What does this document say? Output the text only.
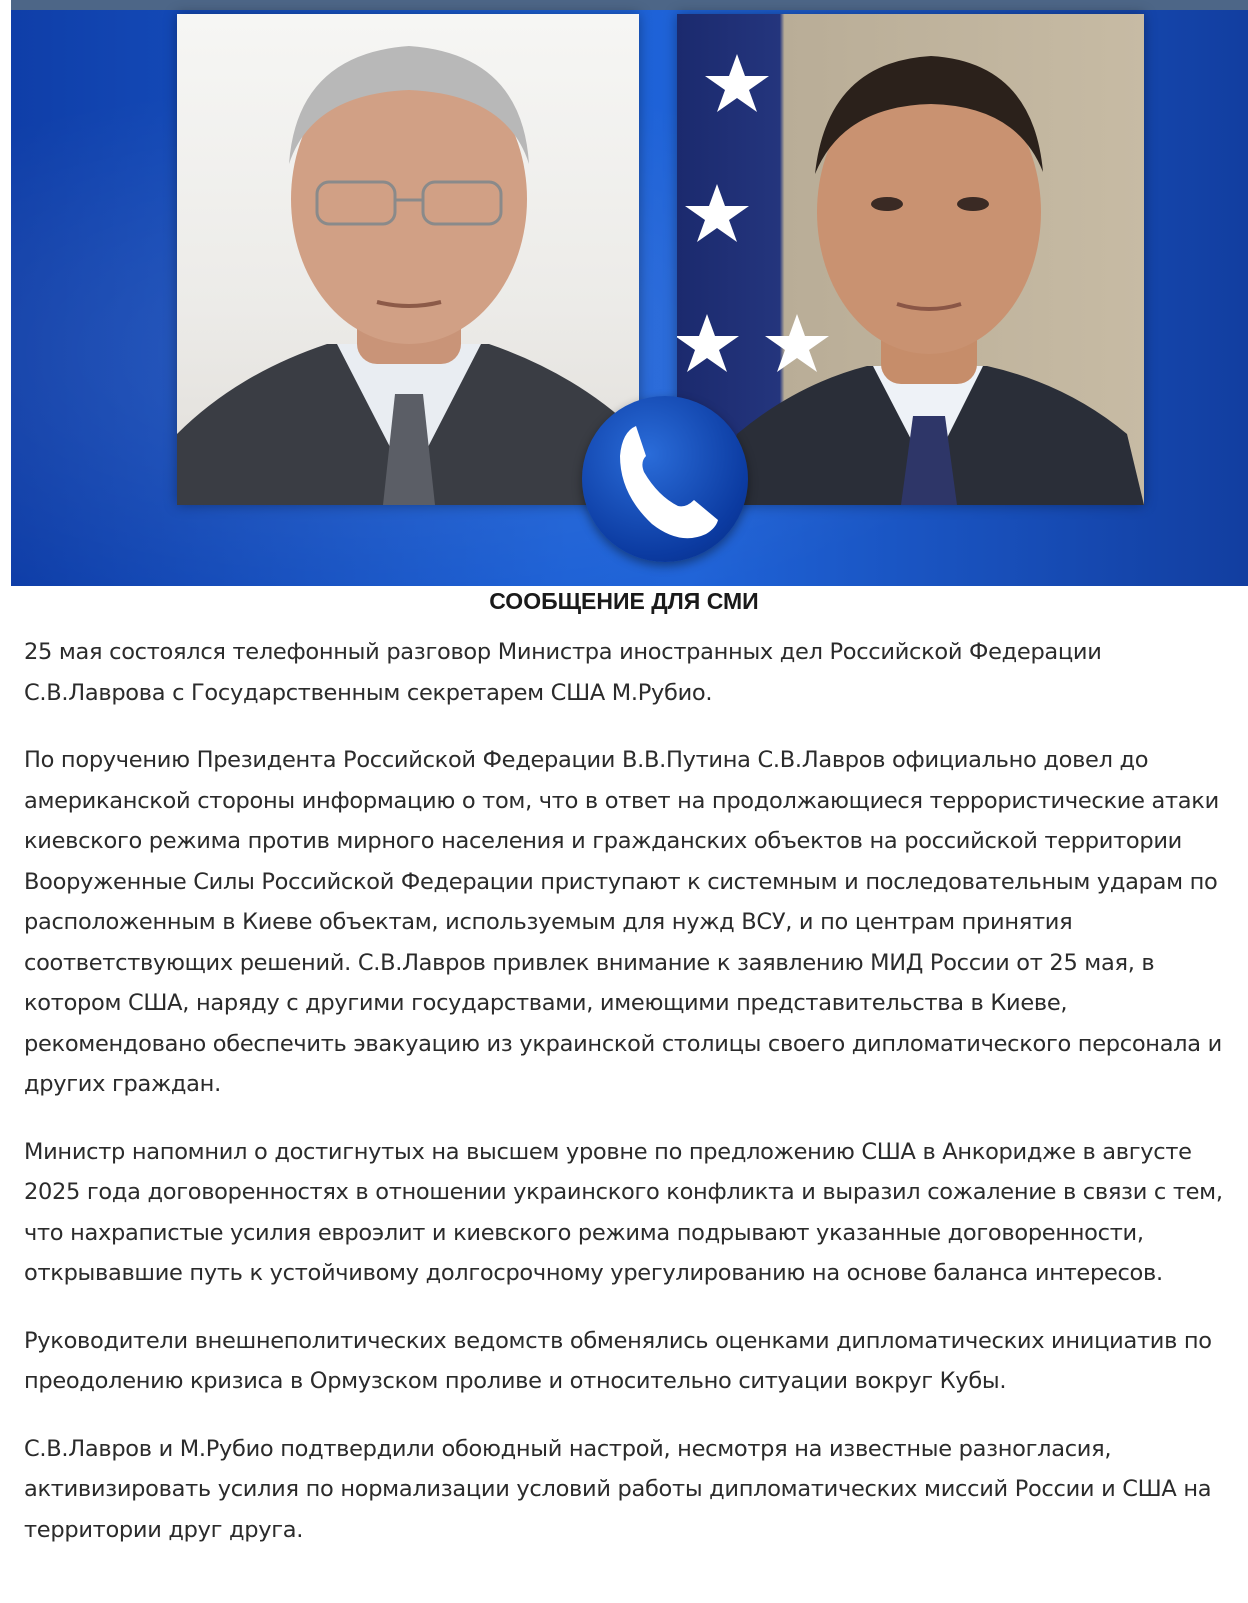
СООБЩЕНИЕ ДЛЯ СМИ

25 мая состоялся телефонный разговор Министра иностранных дел Российской Федерации С.В.Лаврова с Государственным секретарем США М.Рубио.

По поручению Президента Российской Федерации В.В.Путина С.В.Лавров официально довел до американской стороны информацию о том, что в ответ на продолжающиеся террористические атаки киевского режима против мирного населения и гражданских объектов на российской территории Вооруженные Силы Российской Федерации приступают к системным и последовательным ударам по расположенным в Киеве объектам, используемым для нужд ВСУ, и по центрам принятия соответствующих решений. С.В.Лавров привлек внимание к заявлению МИД России от 25 мая, в котором США, наряду с другими государствами, имеющими представительства в Киеве, рекомендовано обеспечить эвакуацию из украинской столицы своего дипломатического персонала и других граждан.

Министр напомнил о достигнутых на высшем уровне по предложению США в Анкоридже в августе 2025 года договоренностях в отношении украинского конфликта и выразил сожаление в связи с тем, что нахрапистые усилия евроэлит и киевского режима подрывают указанные договоренности, открывавшие путь к устойчивому долгосрочному урегулированию на основе баланса интересов.

Руководители внешнеполитических ведомств обменялись оценками дипломатических инициатив по преодолению кризиса в Ормузском проливе и относительно ситуации вокруг Кубы.

С.В.Лавров и М.Рубио подтвердили обоюдный настрой, несмотря на известные разногласия, активизировать усилия по нормализации условий работы дипломатических миссий России и США на территории друг друга.
